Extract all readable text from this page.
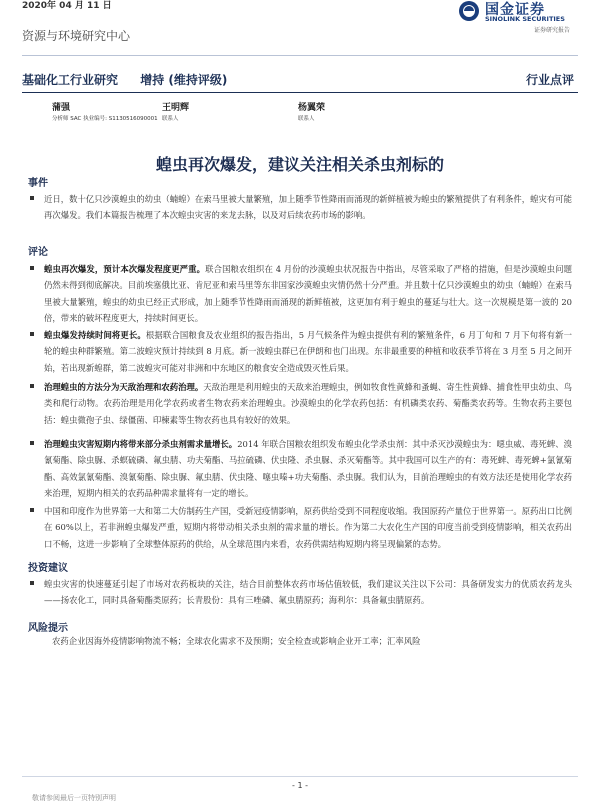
2020年 04 月 11 日	国金证券
SINOLINK SECURITIES
证券研究报告
资源与环境研究中心
基础化工行业研究 增持 (维持评级)	行业点评
蒲强
分析师 SAC 执业编号: S1130516090001
王明辉
联系人
杨翼荣
联系人
蝗虫再次爆发，建议关注相关杀虫剂标的
事件
近日，数十亿只沙漠蝗虫的幼虫（蝻蝗）在索马里被大量繁殖，加上随季节性降雨而涌现的新鲜植被为蝗虫的繁殖提供了有利条件，蝗灾有可能再次爆发。我们本篇报告梳理了本次蝗虫灾害的来龙去脉，以及对后续农药市场的影响。
评论
蝗虫再次爆发，预计本次爆发程度更严重。联合国粮农组织在 4 月份的沙漠蝗虫状况报告中指出，尽管采取了严格的措施，但是沙漠蝗虫问题仍然未得到彻底解决。目前埃塞俄比亚、肯尼亚和索马里等东非国家沙漠蝗虫灾情仍然十分严重。并且数十亿只沙漠蝗虫的幼虫（蝻蝗）在索马里被大量繁殖，蝗虫的幼虫已经正式形成，加上随季节性降雨而涌现的新鲜植被，这更加有利于蝗虫的蔓延与壮大。这一次规模是第一波的 20 倍，带来的破坏程度更大，持续时间更长。
蝗虫爆发持续时间将更长。根据联合国粮食及农业组织的报告指出，5 月气候条件为蝗虫提供有利的繁殖条件，6 月丁旬和 7 月下旬将有新一轮的蝗虫种群繁殖。第二波蝗灾预计持续到 8 月底。新一波蝗虫群已在伊朗和也门出现。东非最重要的种植和收获季节将在 3 月至 5 月之间开始，若出现新蝗群，第二波蝗灾可能对非洲和中东地区的粮食安全造成毁灭性后果。
治理蝗虫的方法分为天敌治理和农药治理。天敌治理是利用蝗虫的天敌来治理蝗虫，例如牧食性黄蜂和蚤蝇、寄生性黄蜂、捕食性甲虫幼虫、鸟类和爬行动物。农药治理是用化学农药或者生物农药来治理蝗虫。沙漠蝗虫的化学农药包括：有机磷类农药、菊酯类农药等。生物农药主要包括：蝗虫微孢子虫、绿僵菌、印楝素等生物农药也具有较好的效果。
治理蝗虫灾害短期内将带来部分杀虫剂需求量增长。2014 年联合国粮农组织发布蝗虫化学杀虫剂：其中杀灭沙漠蝗虫为：噁虫威、毒死蜱、溴氰菊酯、除虫脲、杀螟硫磷、氟虫腈、功夫菊酯、马拉硫磷、伏虫隆、杀虫脲、杀灭菊酯等。其中我国可以生产的有：毒死蜱、毒死蜱+氯氰菊酯、高效氯氰菊酯、溴氰菊酯、除虫脲、氟虫腈、伏虫隆、噻虫嗪+功夫菊酯、杀虫脲。我们认为，目前治理蝗虫的有效方法还是使用化学农药来治理，短期内相关的农药品种需求量将有一定的增长。
中国和印度作为世界第一大和第二大仿制药生产国，受新冠疫情影响，原药供给受到不同程度收缩。我国原药产量位于世界第一。原药出口比例在 60%以上，若非洲蝗虫爆发严重，短期内将带动相关杀虫剂的需求量的增长。作为第二大农化生产国的印度当前受到疫情影响，相关农药出口不畅，这进一步影响了全球整体原药的供给，从全球范围内来看，农药供需结构短期内将呈现偏紧的态势。
投资建议
蝗虫灾害的快速蔓延引起了市场对农药板块的关注，结合目前整体农药市场估值较低，我们建议关注以下公司：具备研发实力的优质农药龙头——扬农化工，同时具备菊酯类原药；长青股份：具有三唑磷、氟虫腈原药；海利尔：具备氟虫腈原药。
风险提示
农药企业因海外疫情影响物流不畅；全球农化需求不及预期；安全检查或影响企业开工率；汇率风险
- 1 -
敬请参阅最后一页特别声明
